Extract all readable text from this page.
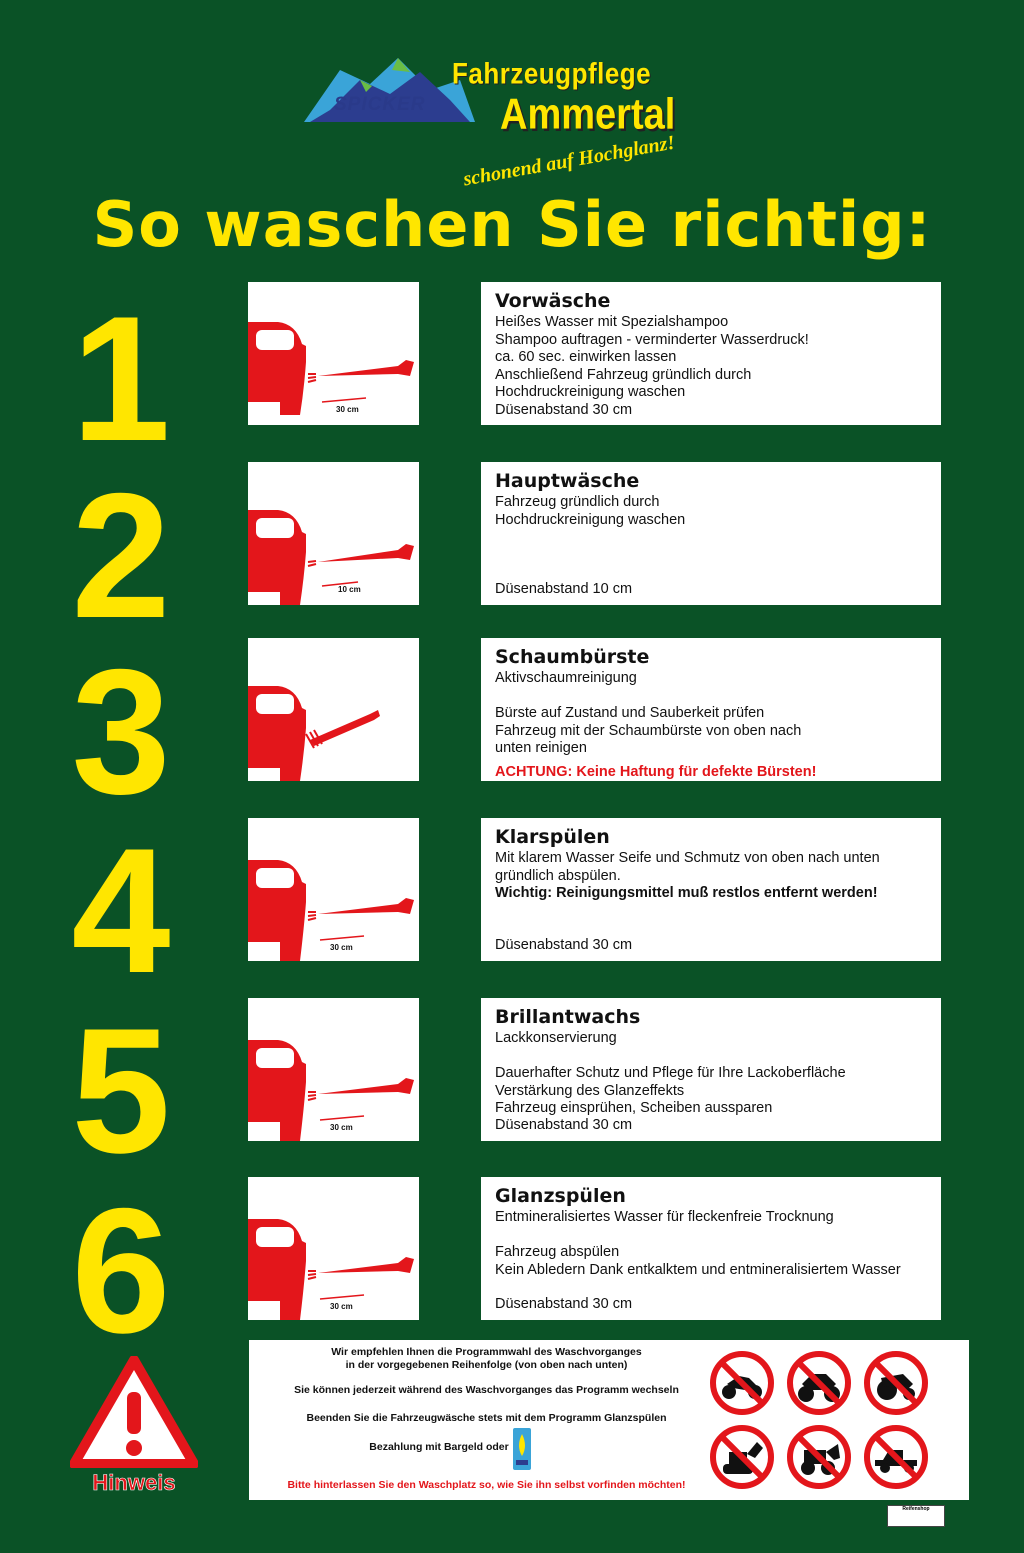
SPICKER
Fahrzeugpflege
Ammertal
schonend auf Hochglanz!
So waschen Sie richtig:
1	30 cm
Vorwäsche
Heißes Wasser mit Spezialshampoo
Shampoo auftragen - verminderter Wasserdruck!
ca. 60 sec. einwirken lassen
Anschließend Fahrzeug gründlich durch
Hochdruckreinigung waschen
Düsenabstand 30 cm
2	10 cm
Hauptwäsche
Fahrzeug gründlich durch
Hochdruckreinigung waschen
Düsenabstand 10 cm
3	Schaumbürste
Aktivschaumreinigung

Bürste auf Zustand und Sauberkeit prüfen
Fahrzeug mit der Schaumbürste von oben nach
unten reinigen
ACHTUNG: Keine Haftung für defekte Bürsten!
4	30 cm
Klarspülen
Mit klarem Wasser Seife und Schmutz von oben nach unten
gründlich abspülen.
Wichtig: Reinigungsmittel muß restlos entfernt werden!
Düsenabstand 30 cm
5	30 cm
Brillantwachs
Lackkonservierung

Dauerhafter Schutz und Pflege für Ihre Lackoberfläche
Verstärkung des Glanzeffekts
Fahrzeug einsprühen, Scheiben aussparen
Düsenabstand 30 cm
6	30 cm
Glanzspülen
Entmineralisiertes Wasser für fleckenfreie Trocknung

Fahrzeug abspülen
Kein Abledern Dank entkalktem und entmineralisiertem Wasser
Düsenabstand 30 cm
Hinweis
Wir empfehlen Ihnen die Programmwahl des Waschvorganges
in der vorgegebenen Reihenfolge (von oben nach unten)
Sie können jederzeit während des Waschvorganges das Programm wechseln
Beenden Sie die Fahrzeugwäsche stets mit dem Programm Glanzspülen
Bezahlung mit Bargeld oder
Bitte hinterlassen Sie den Waschplatz so, wie Sie ihn selbst vorfinden möchten!
Reifenshop
